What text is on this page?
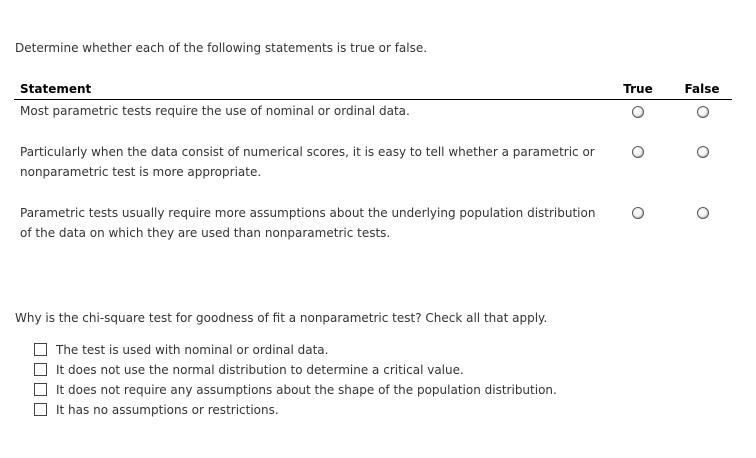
Determine whether each of the following statements is true or false.

Statement	True	False

Most parametric tests require the use of nominal or ordinal data.

Particularly when the data consist of numerical scores, it is easy to tell whether a parametric or nonparametric test is more appropriate.

Parametric tests usually require more assumptions about the underlying population distribution of the data on which they are used than nonparametric tests.

Why is the chi-square test for goodness of fit a nonparametric test? Check all that apply.

The test is used with nominal or ordinal data.
It does not use the normal distribution to determine a critical value.
It does not require any assumptions about the shape of the population distribution.
It has no assumptions or restrictions.
